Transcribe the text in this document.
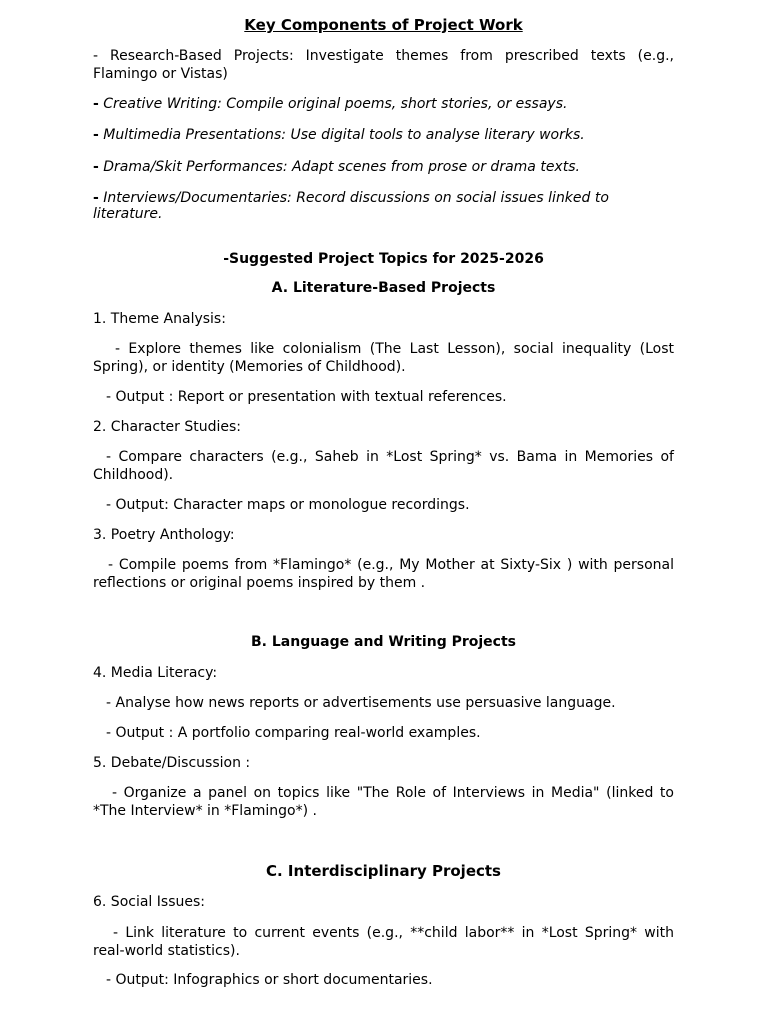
Key Components of Project Work
- Research-Based Projects: Investigate themes from prescribed texts (e.g.,
Flamingo or Vistas)
- Creative Writing: Compile original poems, short stories, or essays.
- Multimedia Presentations: Use digital tools to analyse literary works.
- Drama/Skit Performances: Adapt scenes from prose or drama texts.
- Interviews/Documentaries: Record discussions on social issues linked to
literature.
-Suggested Project Topics for 2025-2026
A. Literature-Based Projects
1. Theme Analysis:
- Explore themes like colonialism (The Last Lesson), social inequality (Lost
Spring), or identity (Memories of Childhood).
- Output : Report or presentation with textual references.
2. Character Studies:
- Compare characters (e.g., Saheb in *Lost Spring* vs. Bama in Memories of
Childhood).
- Output: Character maps or monologue recordings.
3. Poetry Anthology:
- Compile poems from *Flamingo* (e.g., My Mother at Sixty-Six ) with personal
reflections or original poems inspired by them .
B. Language and Writing Projects
4. Media Literacy:
- Analyse how news reports or advertisements use persuasive language.
- Output : A portfolio comparing real-world examples.
5. Debate/Discussion :
- Organize a panel on topics like "The Role of Interviews in Media" (linked to
*The Interview* in *Flamingo*) .
C. Interdisciplinary Projects
6. Social Issues:
- Link literature to current events (e.g., **child labor** in *Lost Spring* with
real-world statistics).
- Output: Infographics or short documentaries.
